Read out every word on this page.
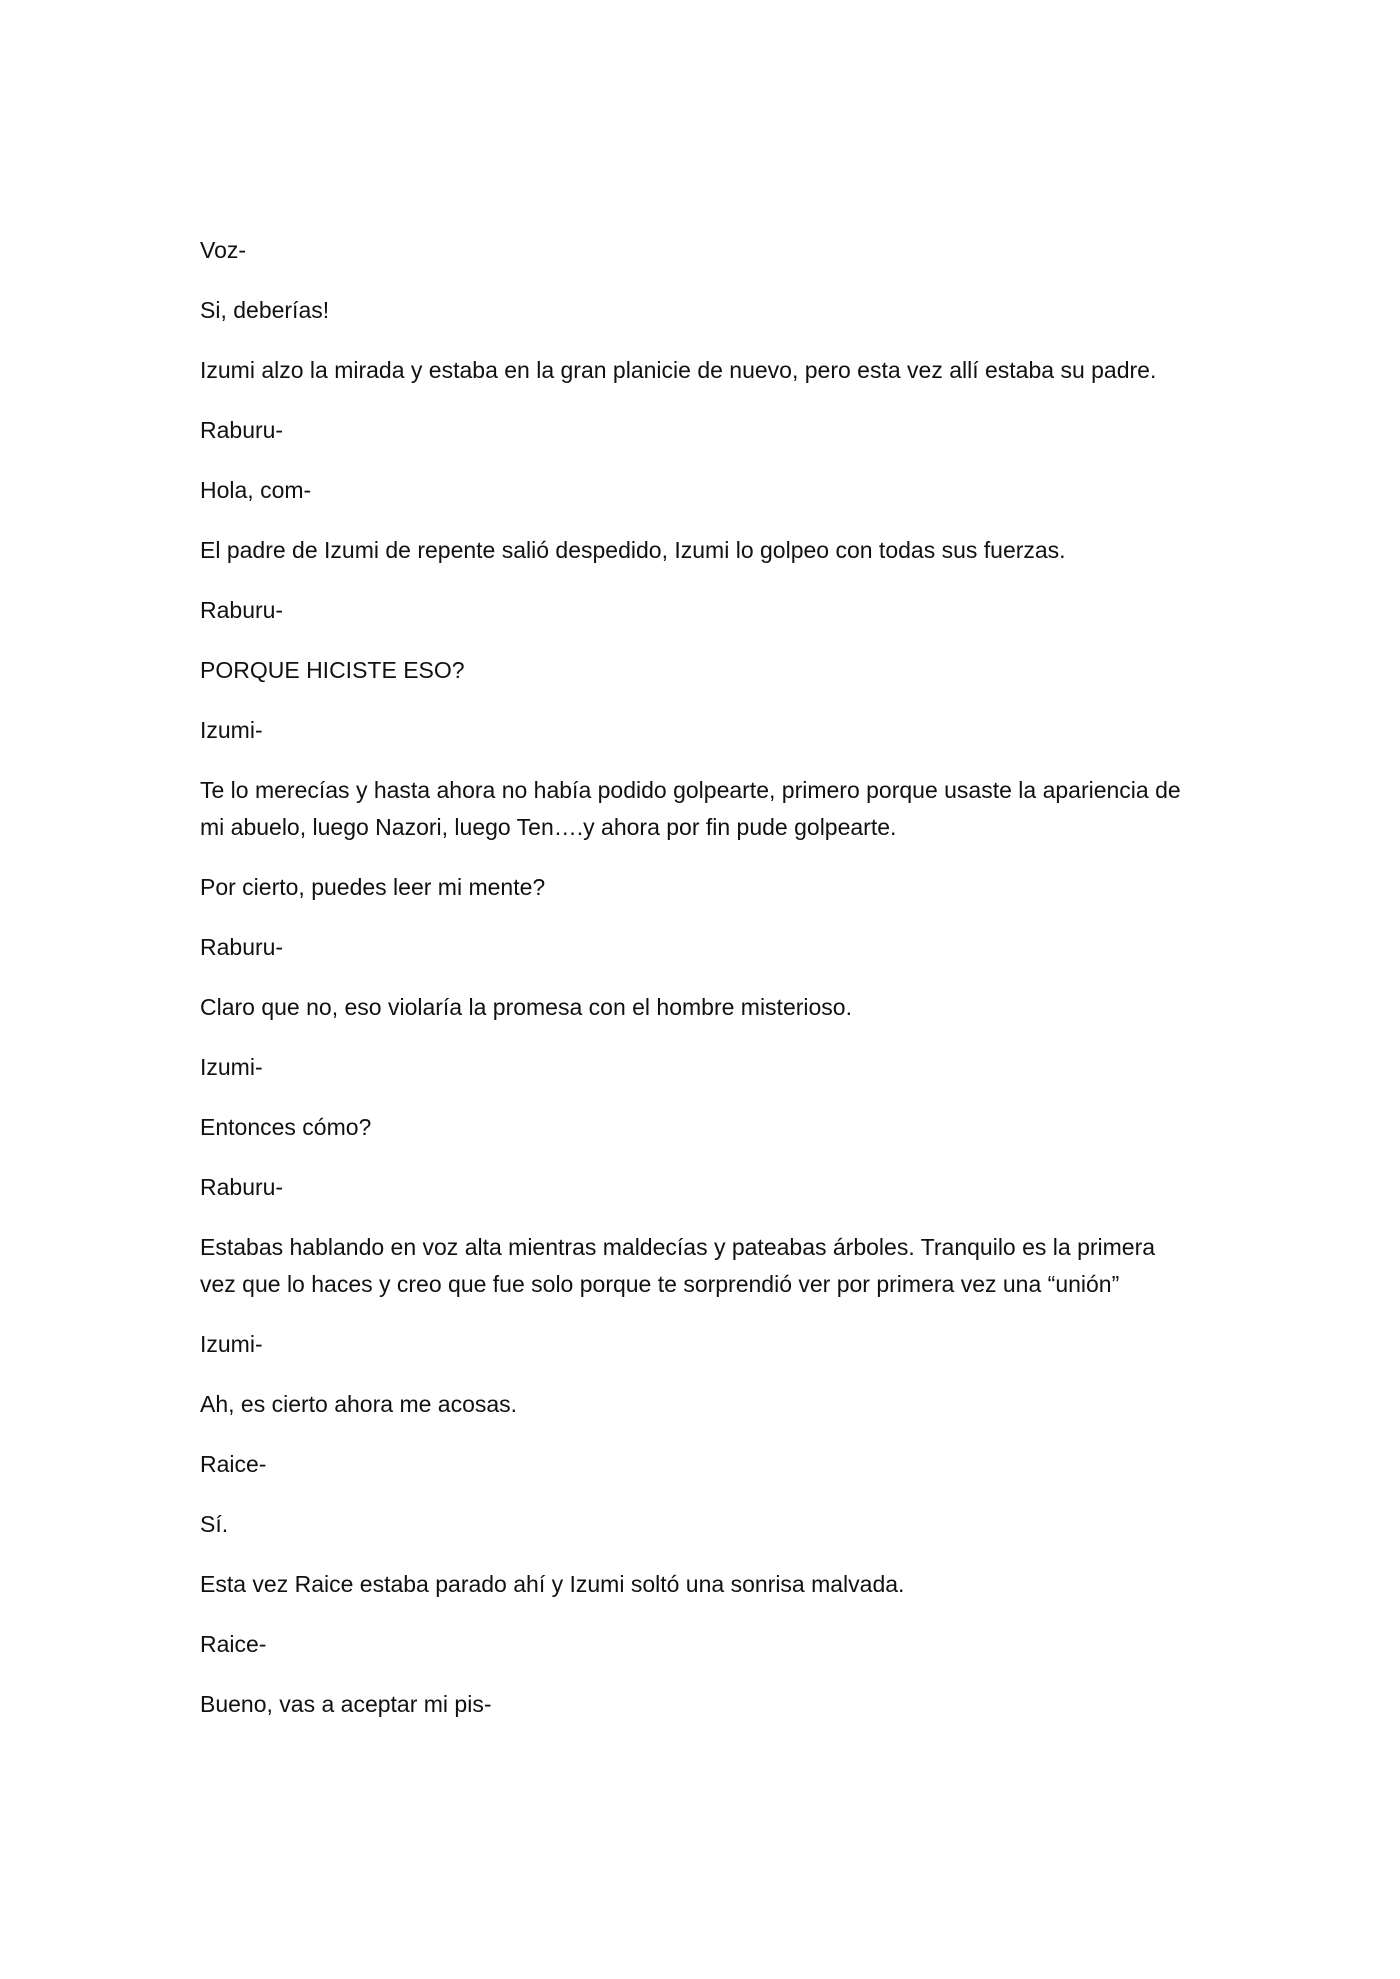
Voz-

Si, deberías!

Izumi alzo la mirada y estaba en la gran planicie de nuevo, pero esta vez allí estaba su padre.

Raburu-

Hola, com-

El padre de Izumi de repente salió despedido, Izumi lo golpeo con todas sus fuerzas.

Raburu-

PORQUE HICISTE ESO?

Izumi-

Te lo merecías y hasta ahora no había podido golpearte, primero porque usaste la apariencia de mi abuelo, luego Nazori, luego Ten….y ahora por fin pude golpearte.

Por cierto, puedes leer mi mente?

Raburu-

Claro que no, eso violaría la promesa con el hombre misterioso.

Izumi-

Entonces cómo?

Raburu-

Estabas hablando en voz alta mientras maldecías y pateabas árboles. Tranquilo es la primera vez que lo haces y creo que fue solo porque te sorprendió ver por primera vez una “unión”

Izumi-

Ah, es cierto ahora me acosas.

Raice-

Sí.

Esta vez Raice estaba parado ahí y Izumi soltó una sonrisa malvada.

Raice-

Bueno, vas a aceptar mi pis-
